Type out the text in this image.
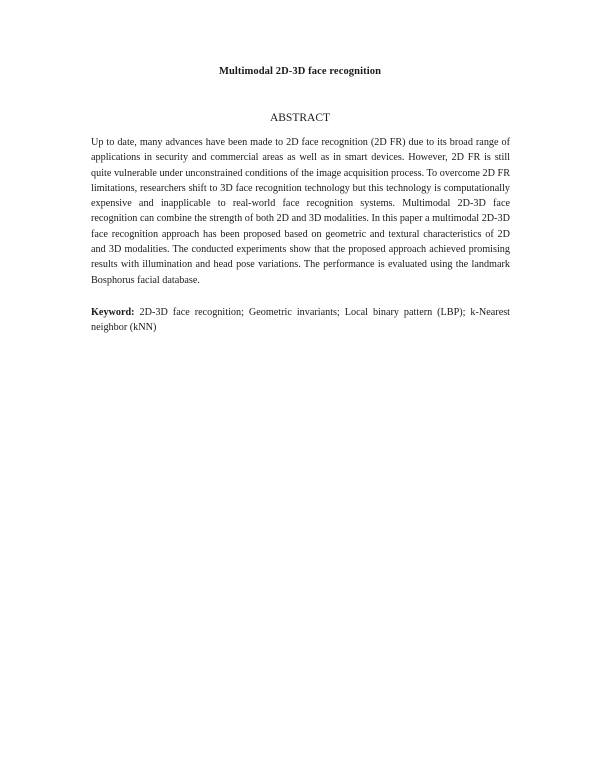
Multimodal 2D-3D face recognition
ABSTRACT

Up to date, many advances have been made to 2D face recognition (2D FR) due to its broad range of applications in security and commercial areas as well as in smart devices. However, 2D FR is still quite vulnerable under unconstrained conditions of the image acquisition process. To overcome 2D FR limitations, researchers shift to 3D face recognition technology but this technology is computationally expensive and inapplicable to real-world face recognition systems. Multimodal 2D-3D face recognition can combine the strength of both 2D and 3D modalities. In this paper a multimodal 2D-3D face recognition approach has been proposed based on geometric and textural characteristics of 2D and 3D modalities. The conducted experiments show that the proposed approach achieved promising results with illumination and head pose variations. The performance is evaluated using the landmark Bosphorus facial database.

Keyword: 2D-3D face recognition; Geometric invariants; Local binary pattern (LBP); k-Nearest neighbor (kNN)
